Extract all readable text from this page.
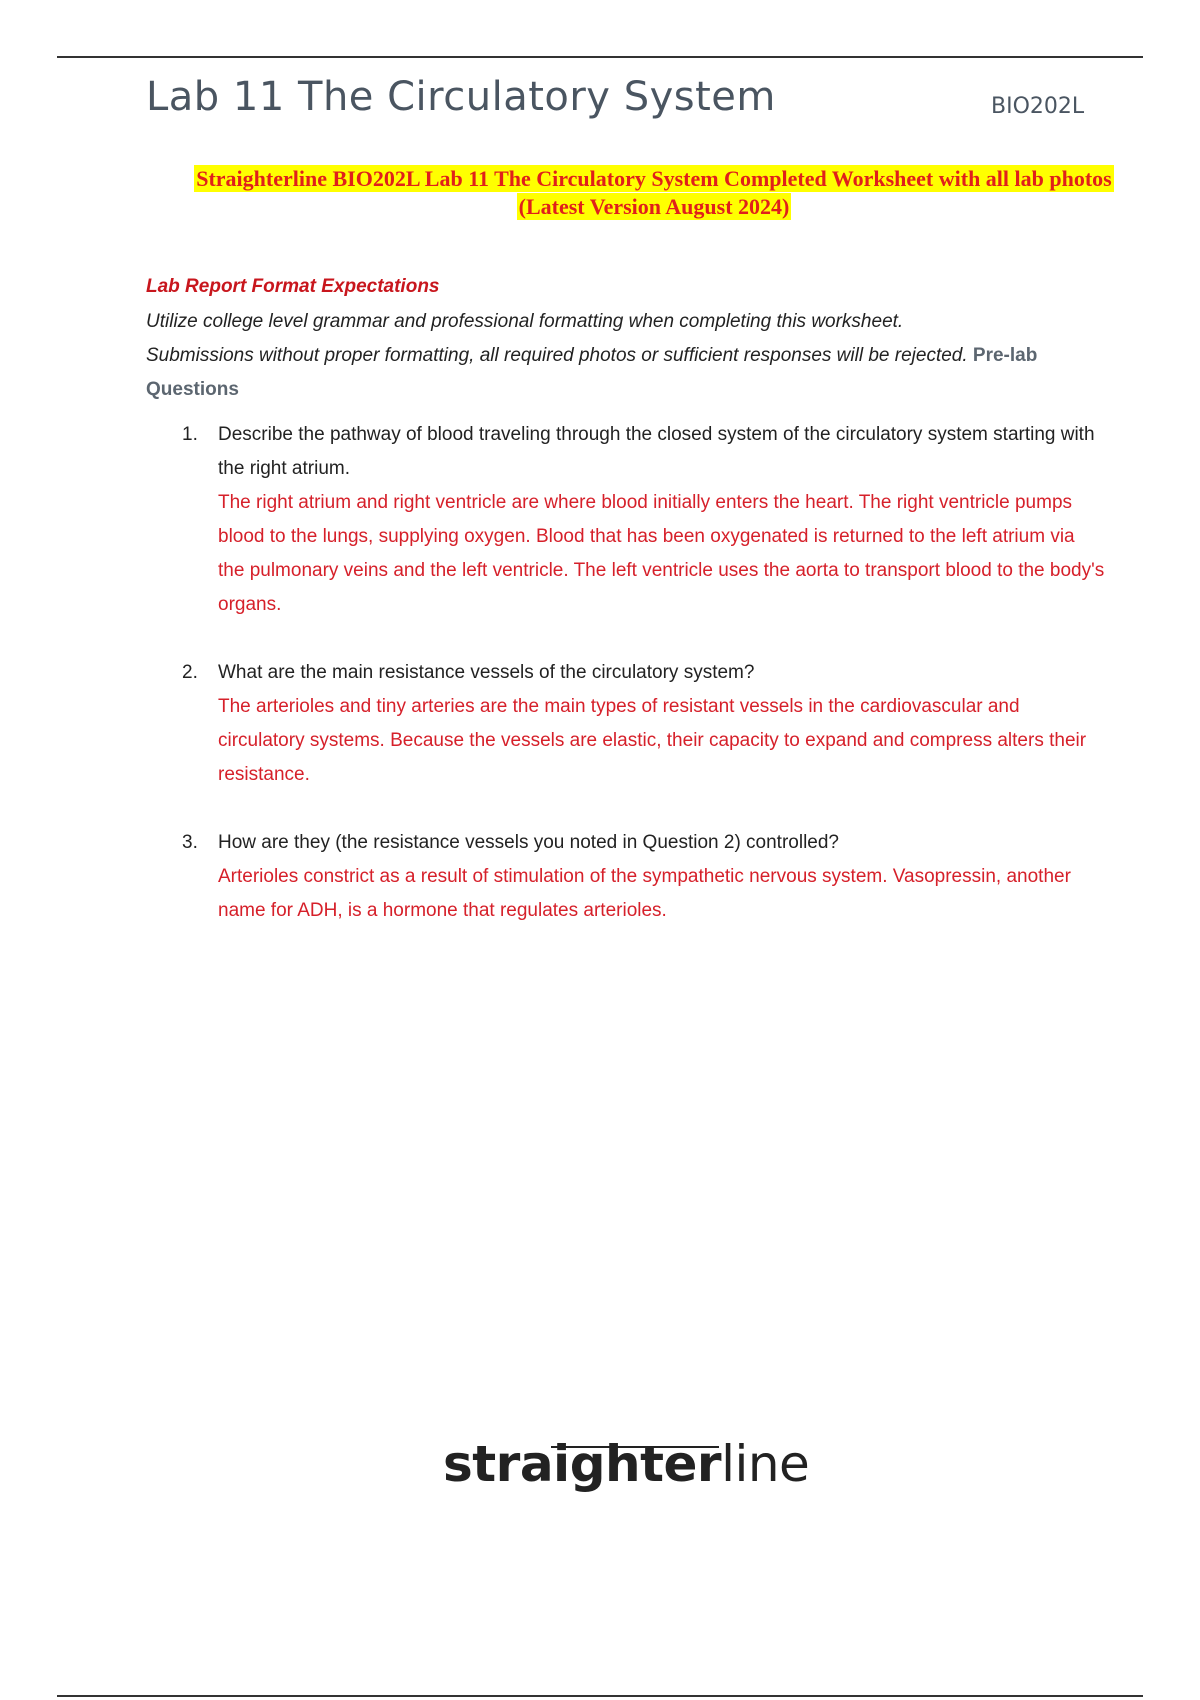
Lab 11 The Circulatory System	BIO202L
Straighterline BIO202L Lab 11 The Circulatory System Completed Worksheet with all lab photos
(Latest Version August 2024)
Lab Report Format Expectations
Utilize college level grammar and professional formatting when completing this worksheet.
Submissions without proper formatting, all required photos or sufficient responses will be rejected. Pre-lab Questions
1. Describe the pathway of blood traveling through the closed system of the circulatory system starting with the right atrium.
The right atrium and right ventricle are where blood initially enters the heart. The right ventricle pumps blood to the lungs, supplying oxygen. Blood that has been oxygenated is returned to the left atrium via the pulmonary veins and the left ventricle. The left ventricle uses the aorta to transport blood to the body's organs.
2. What are the main resistance vessels of the circulatory system?
The arterioles and tiny arteries are the main types of resistant vessels in the cardiovascular and circulatory systems. Because the vessels are elastic, their capacity to expand and compress alters their resistance.
3. How are they (the resistance vessels you noted in Question 2) controlled?
Arterioles constrict as a result of stimulation of the sympathetic nervous system. Vasopressin, another name for ADH, is a hormone that regulates arterioles.
straighterline
